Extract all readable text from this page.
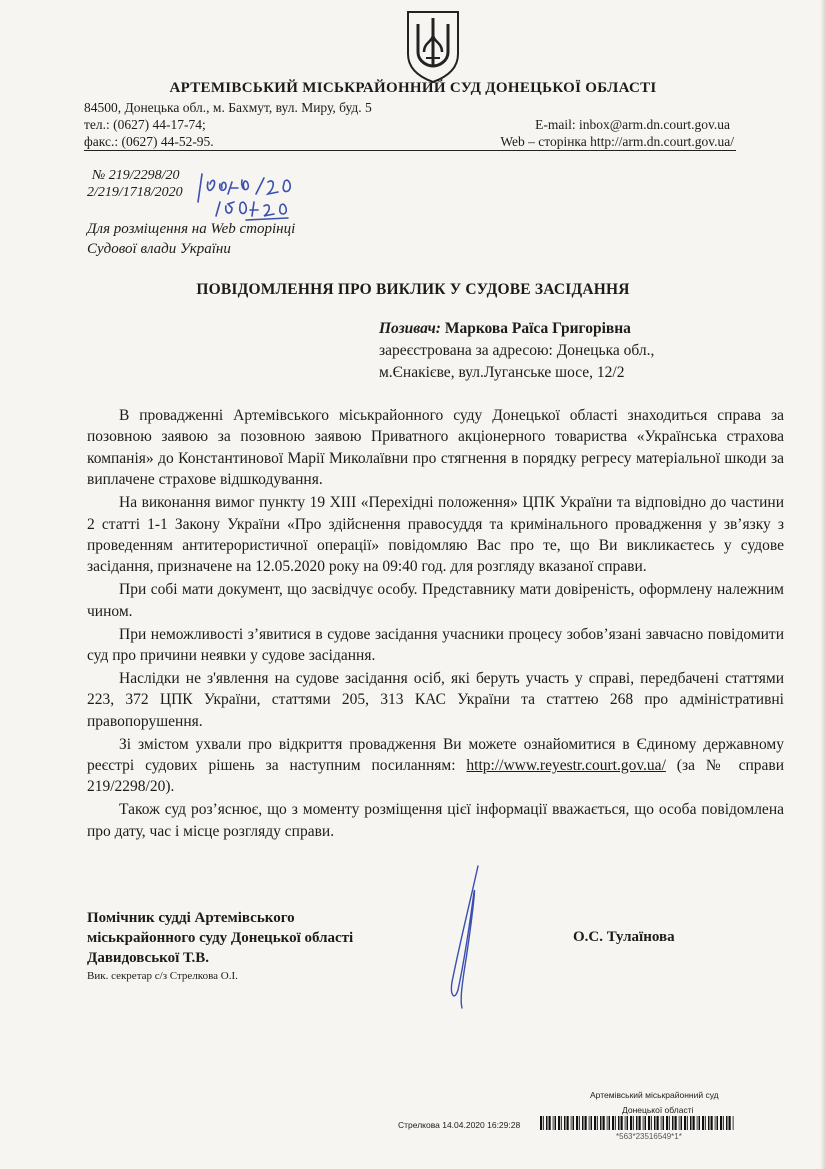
АРТЕМІВСЬКИЙ МІСЬКРАЙОННИЙ СУД ДОНЕЦЬКОЇ ОБЛАСТІ
84500, Донецька обл., м. Бахмут, вул. Миру, буд. 5
тел.: (0627) 44-17-74;	E-mail: inbox@arm.dn.court.gov.ua
факс.: (0627) 44-52-95.	Web – сторінка http://arm.dn.court.gov.ua/
№ 219/2298/20
2/219/1718/2020
Для розміщення на Web сторінці
Судової влади України
ПОВІДОМЛЕННЯ ПРО ВИКЛИК У СУДОВЕ ЗАСІДАННЯ
Позивач: Маркова Раїса Григорівна
зареєстрована за адресою: Донецька обл.,
м.Єнакієве, вул.Луганське шосе, 12/2

В провадженні Артемівського міськрайонного суду Донецької області знаходиться справа за позовною заявою за позовною заявою Приватного акціонерного товариства «Українська страхова компанія» до Константинової Марії Миколаївни про стягнення в порядку регресу матеріальної шкоди за виплачене страхове відшкодування.

На виконання вимог пункту 19 ХІІІ «Перехідні положення» ЦПК України та відповідно до частини 2 статті 1-1 Закону України «Про здійснення правосуддя та кримінального провадження у зв’язку з проведенням антитерористичної операції» повідомляю Вас про те, що Ви викликаєтесь у судове засідання, призначене на 12.05.2020 року на 09:40 год. для розгляду вказаної справи.

При собі мати документ, що засвідчує особу. Представнику мати довіреність, оформлену належним чином.

При неможливості з’явитися в судове засідання учасники процесу зобов’язані завчасно повідомити суд про причини неявки у судове засідання.

Наслідки не з'явлення на судове засідання осіб, які беруть участь у справі, передбачені статтями 223, 372 ЦПК України, статтями 205, 313 КАС України та статтею 268 про адміністративні правопорушення.

Зі змістом ухвали про відкриття провадження Ви можете ознайомитися в Єдиному державному реєстрі судових рішень за наступним посиланням: http://www.reyestr.court.gov.ua/ (за № справи 219/2298/20).

Також суд роз’яснює, що з моменту розміщення цієї інформації вважається, що особа повідомлена про дату, час і місце розгляду справи.

Помічник судді Артемівського
міськрайонного суду Донецької області
Давидовської Т.В.
О.С. Тулаїнова
Вик. секретар с/з Стрелкова О.І.
Артемівський міськрайонний суд
Донецької області
Стрелкова 14.04.2020 16:29:28
*563*23516549*1*
